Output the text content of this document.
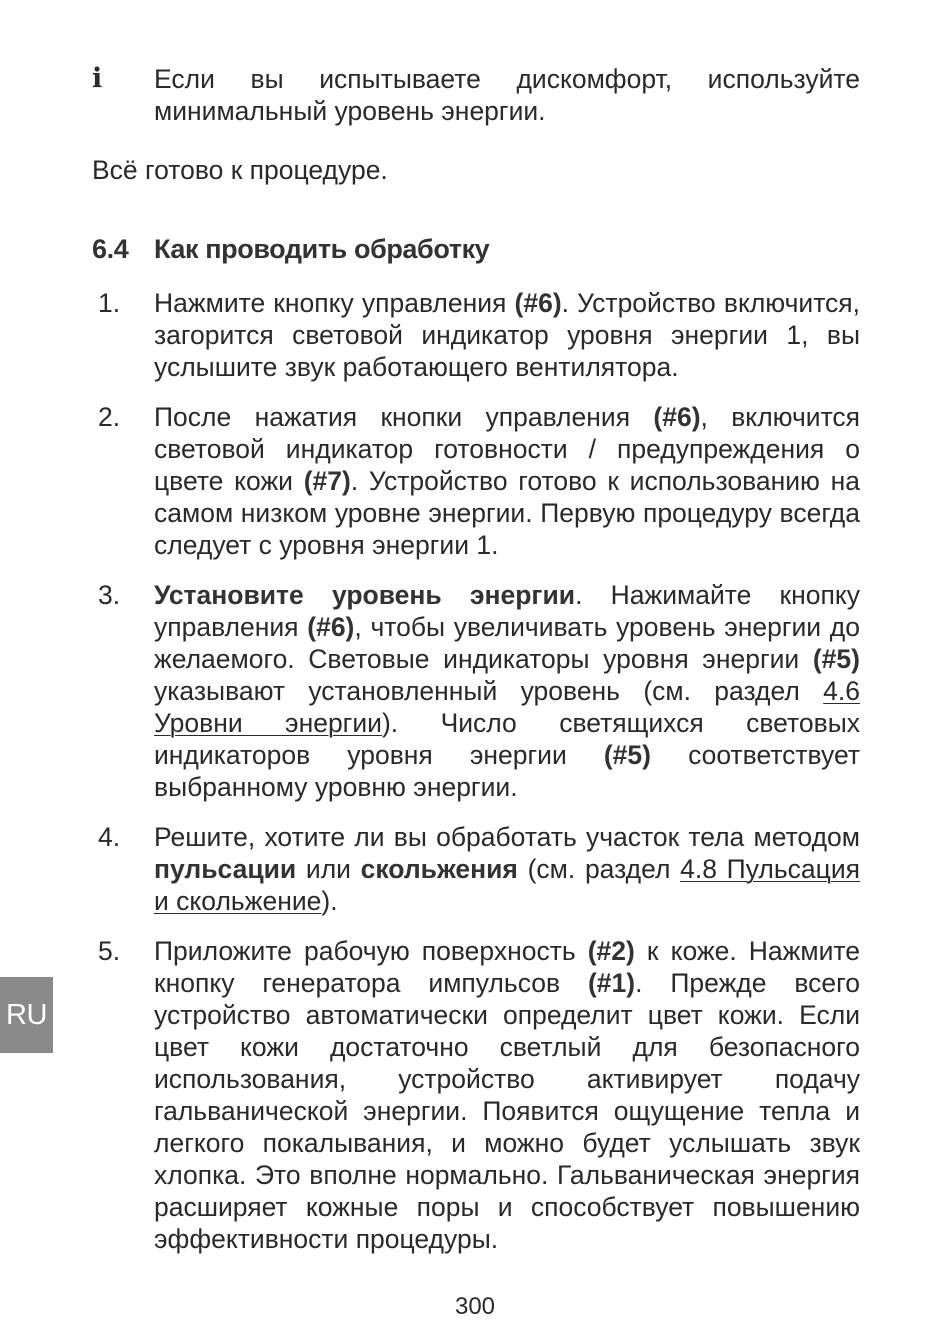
i	Если вы испытываете дискомфорт, используйте минимальный уровень энергии.
Всё готово к процедуре.
6.4 Как проводить обработку
1.	Нажмите кнопку управления (#6). Устройство включится, загорится световой индикатор уровня энергии 1, вы услышите звук работающего вентилятора.
2.	После нажатия кнопки управления (#6), включится световой индикатор готовности / предупреждения о цвете кожи (#7). Устройство готово к использованию на самом низком уровне энергии. Первую процедуру всегда следует с уровня энергии 1.
3.	Установите уровень энергии. Нажимайте кнопку управления (#6), чтобы увеличивать уровень энергии до желаемого. Световые индикаторы уровня энергии (#5) указывают установленный уровень (см. раздел 4.6 Уровни энергии). Число светящихся световых индикаторов уровня энергии (#5) соответствует выбранному уровню энергии.
4.	Решите, хотите ли вы обработать участок тела методом пульсации или скольжения (см. раздел 4.8 Пульсация и скольжение).
5.	Приложите рабочую поверхность (#2) к коже. Нажмите кнопку генератора импульсов (#1). Прежде всего устройство автоматически определит цвет кожи. Если цвет кожи достаточно светлый для безопасного использования, устройство активирует подачу гальванической энергии. Появится ощущение тепла и легкого покалывания, и можно будет услышать звук хлопка. Это вполне нормально. Гальваническая энергия расширяет кожные поры и способствует повышению эффективности процедуры.
RU
300
